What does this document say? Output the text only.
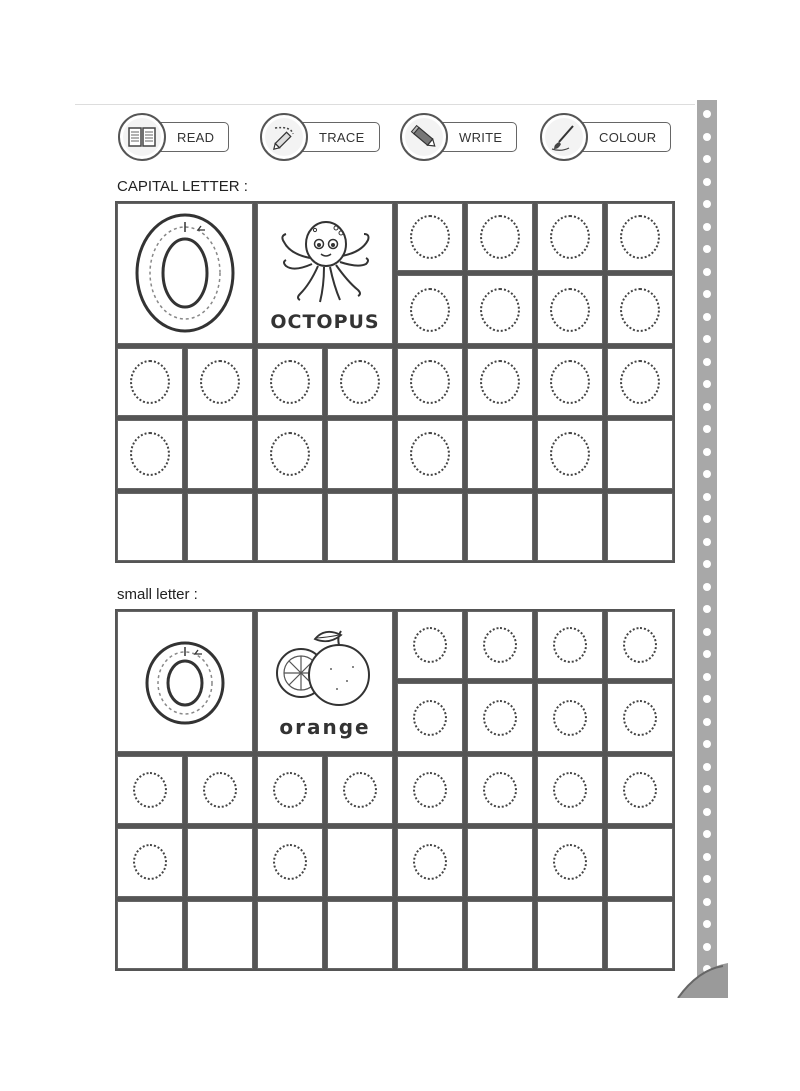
READ	TRACE	WRITE	COLOUR
CAPITAL LETTER :
OCTOPUS
small letter :
orange
